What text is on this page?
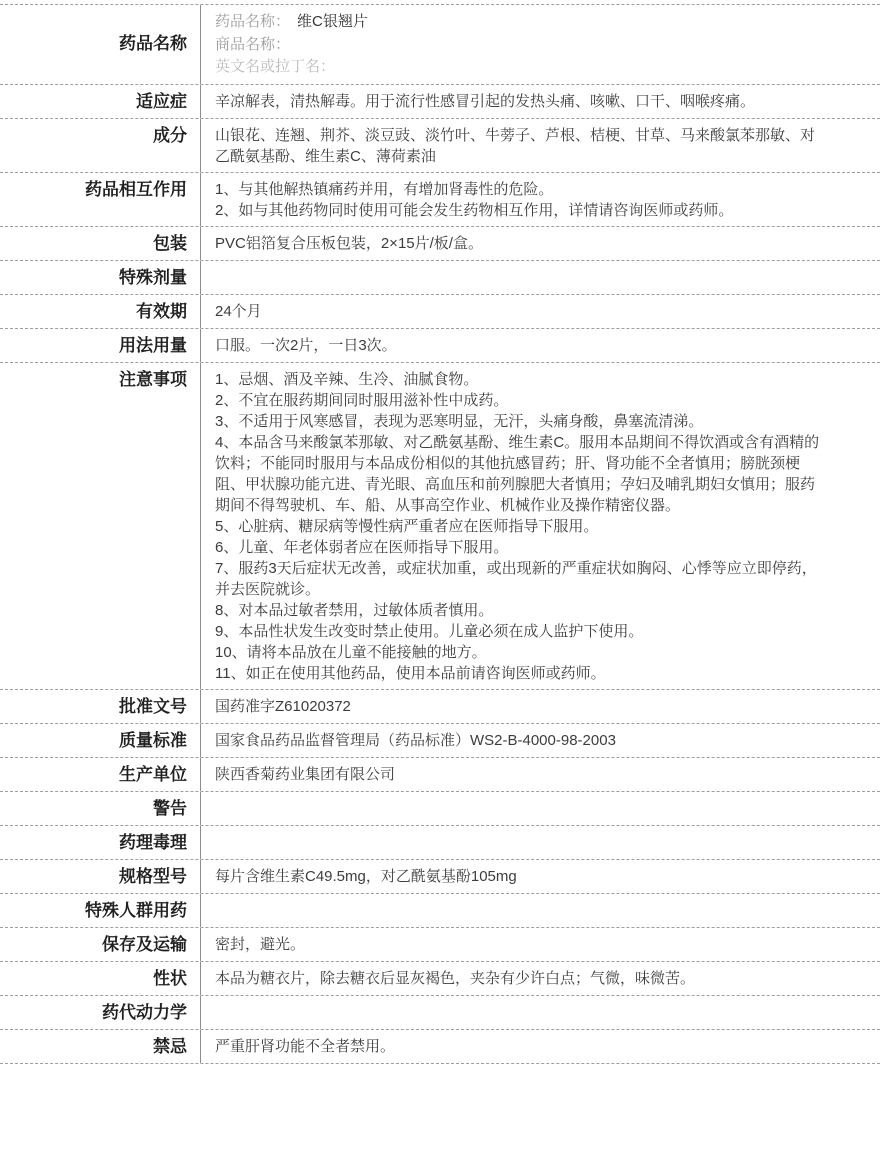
药品名称
药品名称： 维C银翘片
商品名称：
英文名或拉丁名：
适应症	辛凉解表，清热解毒。用于流行性感冒引起的发热头痛、咳嗽、口干、咽喉疼痛。
成分	山银花、连翘、荆芥、淡豆豉、淡竹叶、牛蒡子、芦根、桔梗、甘草、马来酸氯苯那敏、对乙酰氨基酚、维生素C、薄荷素油
药品相互作用	1、与其他解热镇痛药并用，有增加肾毒性的危险。
2、如与其他药物同时使用可能会发生药物相互作用，详情请咨询医师或药师。
包装	PVC铝箔复合压板包装，2×15片/板/盒。
特殊剂量
有效期	24个月
用法用量	口服。一次2片，一日3次。
注意事项	1、忌烟、酒及辛辣、生冷、油腻食物。
2、不宜在服药期间同时服用滋补性中成药。
3、不适用于风寒感冒，表现为恶寒明显，无汗，头痛身酸，鼻塞流清涕。
4、本品含马来酸氯苯那敏、对乙酰氨基酚、维生素C。服用本品期间不得饮酒或含有酒精的饮料；不能同时服用与本品成份相似的其他抗感冒药；肝、肾功能不全者慎用；膀胱颈梗阻、甲状腺功能亢进、青光眼、高血压和前列腺肥大者慎用；孕妇及哺乳期妇女慎用；服药期间不得驾驶机、车、船、从事高空作业、机械作业及操作精密仪器。
5、心脏病、糖尿病等慢性病严重者应在医师指导下服用。
6、儿童、年老体弱者应在医师指导下服用。
7、服药3天后症状无改善，或症状加重，或出现新的严重症状如胸闷、心悸等应立即停药，并去医院就诊。
8、对本品过敏者禁用，过敏体质者慎用。
9、本品性状发生改变时禁止使用。儿童必须在成人监护下使用。
10、请将本品放在儿童不能接触的地方。
11、如正在使用其他药品，使用本品前请咨询医师或药师。
批准文号	国药准字Z61020372
质量标准	国家食品药品监督管理局（药品标准）WS2-B-4000-98-2003
生产单位	陕西香菊药业集团有限公司
警告
药理毒理
规格型号	每片含维生素C49.5mg，对乙酰氨基酚105mg
特殊人群用药
保存及运输	密封，避光。
性状	本品为糖衣片，除去糖衣后显灰褐色，夹杂有少许白点；气微，味微苦。
药代动力学
禁忌	严重肝肾功能不全者禁用。
